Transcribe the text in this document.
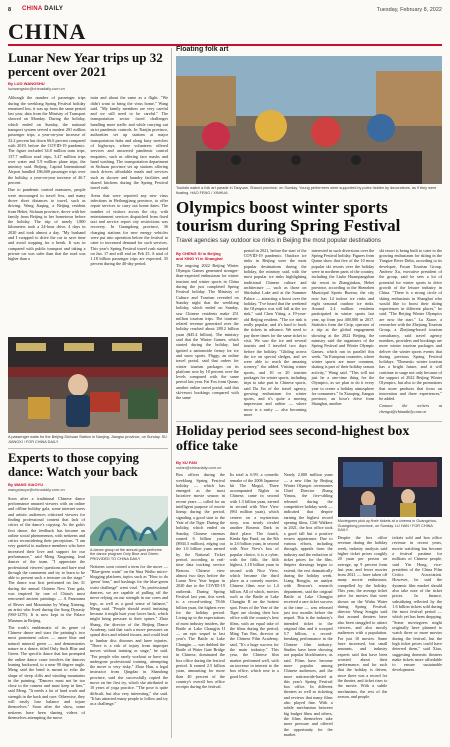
8 CHINA DAILY	Tuesday, February 8, 2022
CHINA
Lunar New Year trips up 32 percent over 2021
By LUO WANGSHU
luowangshu@chinadaily.com.cn

Although the number of passenger trips during the weeklong Spring Festival holiday remained low, it was up from the same period last year, data from the Ministry of Transport showed on Monday. During the holiday, which ended on Sunday, the national transport system served a modest 201 million passenger trips, a year-on-year increase of 32.2 percent but down 66.6 percent compared with 2019, before the COVID-19 pandemic. The figure included 34.8 million train trips, 137.7 million road trips, 3.47 million trips over water and 5.9 million plane trips, the ministry said. Beijing, Capital International Airport handled 186,600 passenger trips over the holiday, a year-on-year increase of 46.7 percent.

Due to pandemic control measures, people were encouraged to travel less, and many drove short distances to travel, such as driving. Wang Jiaqing, a Beijing resident from Hebei, Sichuan province, drove with her family from Beijing to her hometown before the holiday. The trip of nearly 1,800 kilometers took a 24-hour drive, 4 days in 2020 and took almost a day. "My husband and I swapped to drive the car to save time and avoid stopping for a break. It was in compared with public transport and taking a private car was safer than that the road was higher than a

train and about the same as a flight. "We didn't want to bring the virus home," Wang said. "My family members are very careful and we still need to be careful." The transportation sector faced challenges handling more traffic and while carrying out strict pandemic controls. In Tianjin province, authorities set up stations at major transportation hubs and along busy stretches of highways, where volunteers offered services and answered pandemic control enquiries, such as offering face masks and hand washing. The transportation department in Sichuan province set up stations offering truck drivers affordable meals and services such as shower and laundry facilities and shared kitchens during the Spring Festival travel rush.

Areas that were reported any new virus infections in Heilongjiang province, to offer repair services to carry out home dates. The number of visitors across the city, with entertainment services dispatched from fixed taxi and service report city restrictions was recovery. In Guangdong province, 36 charging stations for new energy vehicles were put into operation before the festival to cater to increased demand for such services. This year's Spring Festival travel rush started on Jan. 17 and will end on Feb 25. A total of 1.18 billion passenger trips are expected, 35 percent during the 40-day period.

A passenger waits for the Beijing-Sichuan Station in Nanjing, Jiangsu province, on Sunday. SU JIANGXI / FOR CHINA DAILY

Experts to those copying dance: Watch your back
By WANG XIAOYU
wangxiaoyu@chinadaily.com.cn

Soon after a traditional Chinese dance performance amazed viewers with an online and offline holiday gala, some internet users and artistic audiences criticized viewers for finding professional content that lack of critics of the dance's copying. As the gala's first dance, the feedback has become an online social phenomenon, with netizens and critics reconsidering their perceptions. "I am very grateful to audience members who have increased their love and support for our performance," said Meng Xingming, lead dancer of the team. "I appreciate the professional viewers' questions and have read through the comments and try to learn to be able to present such a treasure on the stage." The dance was first performed on Jan 31 during the annual Chinese New Year gala, was inspired by one of China's most renowned ancient paintings — A Panorama of Rivers and Mountains by Wang Ximeng, an artist who lived during the Song Dynasty (960-1279). It is now kept in the Palace Museum in Beijing.

The work's emblematic of its genre of Chinese dance and stars the painting's two most prominent colors — azure blue and natural mineral green — and demonstrates nature in a dance, titled Only Such Blue and Green. The specific dance that has prompted the online dance craze involves the dancers leaning backward, to a near 90 degree angle. Meng said the bend is meant to echo the shape of steep cliffs and winding mountains in the painting. "Dancers must not be too close to the camera and must keep in line," said Meng. "It needs a lot of hard work and strength in the back and core. Otherwise, they will easily lose balance and injure themselves." Soon after the show, some netizens have been sharing videos of themselves attempting the move.

A dance group at the annual gala performs the dance program Only Blue and Green. PROVIDED TO CHINA DAILY

Netizens soon coined a term for the move — "Blue-green waist" on the Sina Weibo micro-blogging platform, topics such as "How to do 'green' lean," and hashtags for the blue-green waist challenge" went viral. "As professional dancers, we are capable of pulling off the move relying on our strength in our cores and legs, as well as a good sense of balance," Meng said. "People should avoid imitating because it might hurt your lower back, which might bring pressure to their spines." Zhao Shang, the director of the Beijing Dance Academy, said that such a move pressures on spinal discs and related tissues, and could lead to lumbar disc diseases and knee injuries. "There is a risk of injury from improper moves without training or stage," he said. "For people who rarely workout or have not undergone professional training, attempting the move is very risky." Zhao Han, a legal instructor from Qingdao in Shandong province, said she successfully copied the move on her first try, which she attributed to 10 years of yoga practice. "The pose is quite difficult, but also very interesting," she said. "It has attracted many people to follow and try as a challenge."

Floating folk art

Tourists watch a folk art parade in Taoyuan, Shanxi province, on Sunday. Young performers were supported by poles hidden by decorations, as if they were floating. HAO FENG / XINHUA

Olympics boost winter sports tourism during Spring Festival

Travel agencies say outdoor ice rinks in Beijing the most popular destinations

By CHENG SI in Beijing
and XING YI in Shanghai

The ongoing 2022 Beijing Winter Olympic Games generated stronger-than-expected enthusiasm for winter tourism and winter sports in China during the just completed Spring Festival holiday. The Ministry of Culture and Tourism revealed on Sunday night that the weeklong holiday, which ended on Sunday, saw Chinese residents make 251 million tourism trips. The tourism-related revenue generated over the holiday reached about 289.2 billion yuan ($45.4 billion). The ministry said that the Winter Games, which started during the holiday, had ignited a nationwide frenzy for ice and snow sports. Fliggy, an online travel portal, said that orders for winter tourism packages on its platform rose by 10 percent over the levels compared with the same period last year. Fat Fox from Qunar, another online travel portal, said that ski-resort bookings compared with the same

period in 2021, before the start of the COVID-19 pandemic. Outdoor ice rinks in Beijing were the most popular destinations during the holiday, the ministry said, with the most popular ice rinks highlighting traditional Chinese culture and architecture — such as those on Shichahai Lake and at the Summer Palace — attracting a boost over the holiday. "I've heard that the weekend the Olympics was still full at the ice rink," said Chen Yiting, a 19-year-old Beijing resident. "The ice rink is really popular, and it's hard to book the tickets in advance. We need to pay three times for the same ticket to visit. We saw the ice and several tourists and I traveled two days before the holiday. "Gliding across the ice on special sledges, and we were able to reach the amazing scenery," she added. Visiting winter sports, and 10 or 20 tourism packages for winter sports, including trips to take part in Chinese sports, said Du Jin of the travel agency, growing enthusiasm for winter sports, and it's quite a moving impression and online — where snow is a rarity — also becoming more

interested in such diversions over the Spring Festival holiday. Figures from Qunar show that five of the 10 most popular ski resorts over the holiday were in northern parts of the country, including the Liuhe Huanqiangshan ski resort in Zhangjiakou, Hebei province, according to the Shenzhen Municipal Sports Bureau, the city now has 14 indoor ice rinks and eight seasonal outdoor ice rinks. Around 2.4 million residents participated in winter sports last year, up from just 400,000 in 2017. Statistics from the Ctrip, operator of a trip at the global engagement showing at the 2022 Beijing, the ministry said the organizers of the Spring Festival and Winter Olympic Games, which ran in parallel this week. "In European countries, where winter sports are more common, skating is part of their holiday season activity," Wang said. "This will not just be a one-time thing for the Olympics, as we plan to do it every year to create a holiday atmosphere for consumers." In Xiaoqing, Jiangsu province, an hour's drive from Shanghai, another

ski resort is being built to cater to the growing enthusiasm for skiing in the Yangtze River Delta, according to its developer, Fosun Tourism Group. Andrew Xu, executive president of the group, said he sees a lot of potential for winter sports to drive growth of the leisure industry in China. "There is a strong circle of skiing enthusiasts in Shanghai who would like to boost their skiing experiences in different places," he said. "The Beijing Winter Olympics are now the start." Lu Xiaoe, a researcher with the Zhejiang Tourism Group, a Zhejiang-based tourism consultancy, said travel agency numbers, providers and bookings are more winter tourism packages and deliver the winter sports events that during previous Spring Festival holidays. "Domestic winter tourism has a bright future, and it will continue to surge not only because of the support of 2022 Beijing Winter Olympics, but also to the promotions that more products that focus on innovation and there experiences," he added.

Contact the writers at chengsi@chinadaily.com.cn

Holiday period sees second-highest box office take
By XU FAN
xufan@chinadaily.com.cn

Box offices during the weeklong Spring Festival holiday — which has emerged as the most lucrative movie season in recent years — called for an intelligent purpose of movie lineup during the period, signaling a good start to the Year of the Tiger. During the holiday, which ended on Sunday, Chinese cinemas earned 6 billion yuan ($944.3 million), edging out the 1.6 billion yuan earned by the National Ticket period, according to real-time data tracking service Beacon. Chinese view almost two days before the Lunar New Year began in 2020 due to the COVID-19 outbreak. During Spring Festival last year, this week is a record-setting 78.66 billion yuan, the highest ever for the holiday period. Living up to the expectations of most industry insiders, the Battle at Lake Changjin II — an epic sequel to last year's The Battle at Lake Changjin — was dubbed the Battle of Water Gate Bridge in Chinese, dominated the box office during the festival period. It earned 2.5 billion yuan, amounting for more than 40 percent of the country's overall box office receipts during the festival.

Its total is 6.99, a comedic remake of the 2006 Japanese hit The Mogul, Three accompanied Nights in Chinese, came in second with 1.3 billion yuan, earned in second with Nice View (961 million yuan), which centers on a mysterious story, was nearly rivaled another Rosenic Dark in third place. The fourth, Kinda Spo Fund, on the 8th to 2.6 billion yuan, in second with Nice View's box of popular choice, it is a cyber, with the fifth, the fifth highest, 1.18 billion yuan in second with Nice View, which became the third place as a comedy movies. Chinese films rose to 1.4 billion. All of which, movies such as the Battle at Lake Changjin II on the hottest spot. Fears of the Year of the Tiger are closing their box office with the country's best films, with an equal take of the films during the period, Ming Tan Fan, director at the Chinese Film Academy, said, "It's a huge success for the main industry." This year, the Chinese film market performed well, with an increase in interest to the box office, which rose to a good level.

Nearly 2,000 million yuan — a new film by Beijing Winter Olympic ceremonies Chief Director Zhang Yimou, the five-sibling released during the competitive holiday week — indicated that despite earning the highest record opening films, Cliff Walkers in 2021, the box office took a good fall but a positive review appearance. Due to various efforts, including through, appeals from the industry and the reduction of ticket prices for the film, Snipers drawings began to extend, the rest dramatically during the holiday week. Liang Rongjia, an analyst with Beacon's research department, said the original Battle at Lake Changjin received a rare ticket success at the time — was released just two months before the sequel. This is the industry's intended ticket to the original film and it scooped 5.7 billion, a record-breaking performance in the Chinese film industry. Studies have been showing not popular blockbusters, as said. Films have become more popular among Chinese audiences, and the more nationwide-based at this year's Spring Festival box office. In different theaters as well as ticketing and reviews that many films also played fine. With a subtle mechanism between big budget films and others, the films themselves take more pressure and offered the opportunity for the market.

Moviegoers pick up their tickets at a cinema in Guangzhou, Guangdong province, on Sunday. LU HAN / FOR CHINA DAILY

Despite the box office revenue during the holiday week, industry analysts said higher ticket prices roughly 20 yuan per person on average, up 9 percent from last year, and fewer movies from 2021 — have taken off many movie enthusiasts, compelled by the holiday. This year, the average ticket price for movies that were shown on the Wuhu Water during Spring Festival, director Wang Songjia said that around theaters have also been struggled to attract viewers, and also mostly audiences with a population. For just 10 movies. Some have increased, but small amounts, and industry experts said that have been worried about their performance, and for such that the holiday is driven, since there was a record for the theater, and ticket rises to the movie. With a subtle mechanism, the rest of the season, and people.

tickets sold and box office revenue in recent years, movie watching has become a festival pastime for millions of Chinese people, said Yin Hong, vice-president of the China Film Critics Association. However, he said the dynamic film market should also take note of the ticket prices. In finance, subsidizing reflected by the 1.6 billion tickets sold during the most festival period — which yet has been dropping. "Some moviegoers might originally have planned to watch three or more movies during the festival, but the high ticket prices could have deterred them," said Xiao, suggesting domestic theaters make tickets more affordable to ensure sustainable development.
